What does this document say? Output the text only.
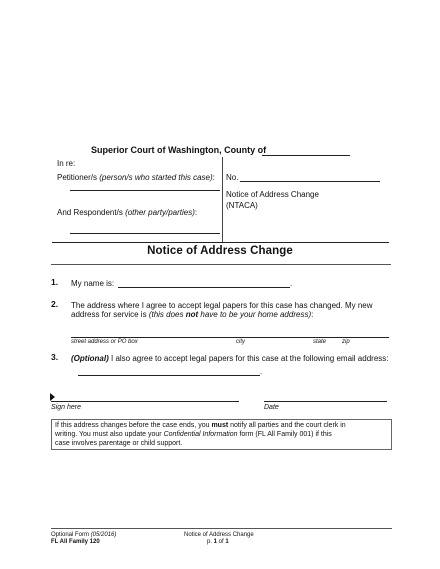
Superior Court of Washington, County of
In re:
Petitioner/s (person/s who started this case):
And Respondent/s (other party/parties):
No.
Notice of Address Change
(NTACA)
Notice of Address Change
1. My name is:	.
2. The address where I agree to accept legal papers for this case has changed. My new
address for service is (this does not have to be your home address):
street address or PO box	city	state	zip
3. (Optional) I also agree to accept legal papers for this case at the following email address:
.
Sign here	Date
If this address changes before the case ends, you must notify all parties and the court clerk in
writing. You must also update your Confidential Information form (FL All Family 001) if this
case involves parentage or child support.
Optional Form (05/2016)
FL All Family 120
Notice of Address Change
p. 1 of 1
